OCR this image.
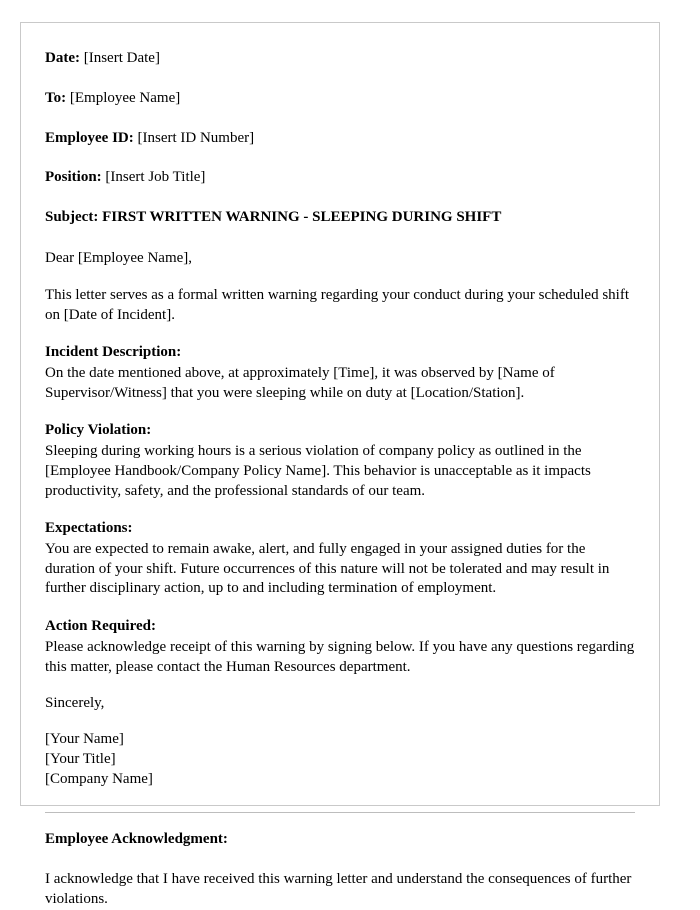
Date: [Insert Date]

To: [Employee Name]

Employee ID: [Insert ID Number]

Position: [Insert Job Title]

Subject: FIRST WRITTEN WARNING - SLEEPING DURING SHIFT

Dear [Employee Name],

This letter serves as a formal written warning regarding your conduct during your scheduled shift on [Date of Incident].

Incident Description:

On the date mentioned above, at approximately [Time], it was observed by [Name of Supervisor/Witness] that you were sleeping while on duty at [Location/Station].

Policy Violation:

Sleeping during working hours is a serious violation of company policy as outlined in the [Employee Handbook/Company Policy Name]. This behavior is unacceptable as it impacts productivity, safety, and the professional standards of our team.

Expectations:

You are expected to remain awake, alert, and fully engaged in your assigned duties for the duration of your shift. Future occurrences of this nature will not be tolerated and may result in further disciplinary action, up to and including termination of employment.

Action Required:

Please acknowledge receipt of this warning by signing below. If you have any questions regarding this matter, please contact the Human Resources department.

Sincerely,

[Your Name]
[Your Title]
[Company Name]

Employee Acknowledgment:

I acknowledge that I have received this warning letter and understand the consequences of further violations.
